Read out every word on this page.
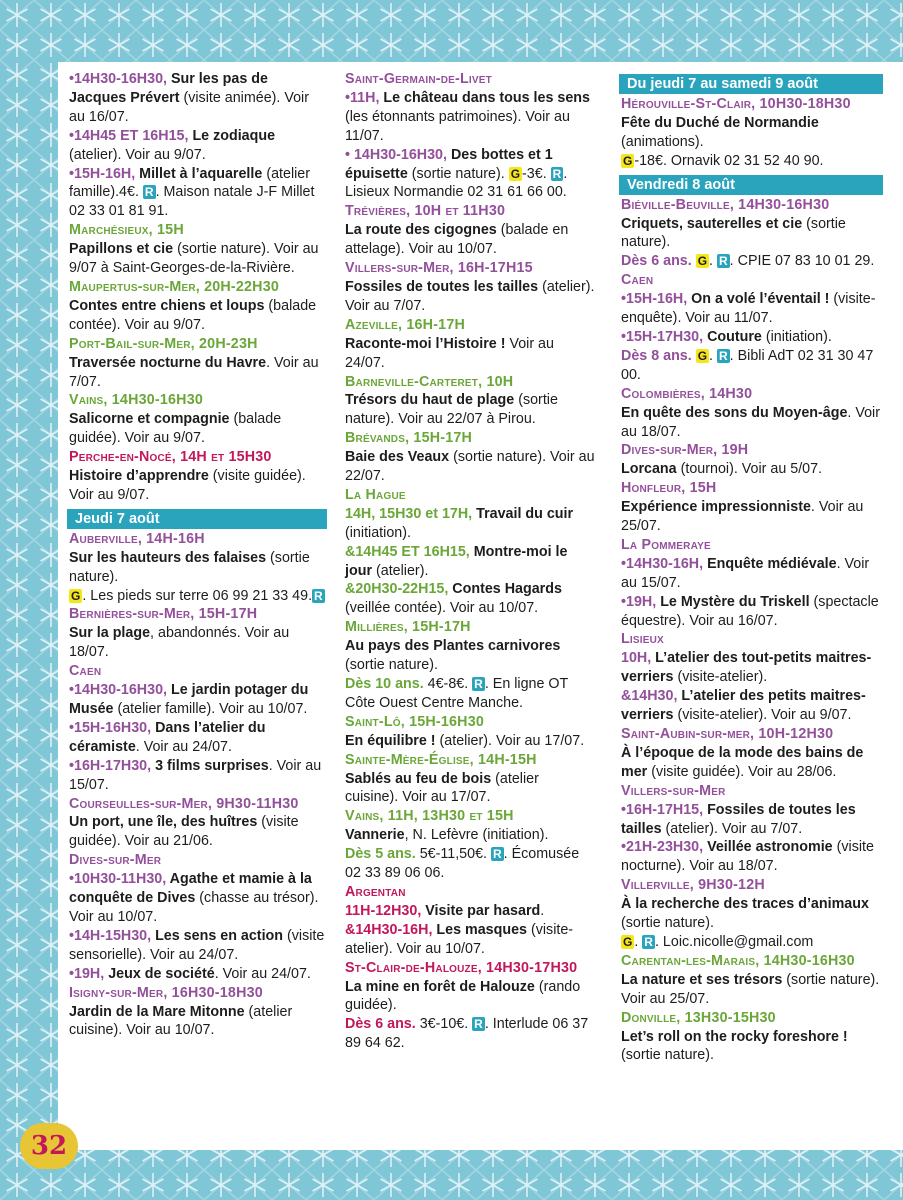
•14H30-16H30, Sur les pas de Jacques Prévert (visite animée). Voir au 16/07.

•14H45 ET 16H15, Le zodiaque (atelier). Voir au 9/07.

•15H-16H, Millet à l’aquarelle (atelier famille).4€. R . Maison natale J-F Millet 02 33 01 81 91.

Marchésieux, 15H

Papillons et cie (sortie nature). Voir au 9/07 à Saint-Georges-de-la-Rivière.

Maupertus-sur-Mer, 20H-22H30

Contes entre chiens et loups (balade contée). Voir au 9/07.

Port-Bail-sur-Mer, 20H-23H

Traversée nocturne du Havre. Voir au 7/07.

Vains, 14H30-16H30

Salicorne et compagnie (balade guidée). Voir au 9/07.

Perche-en-Nocé, 14H et 15H30

Histoire d’apprendre (visite guidée). Voir au 9/07.

Jeudi 7 août

Auberville, 14H-16H

Sur les hauteurs des falaises (sortie nature).

G . Les pieds sur terre 06 99 21 33 49. R

Bernières-sur-Mer, 15H-17H

Sur la plage, abandonnés. Voir au 18/07.

Caen

•14H30-16H30, Le jardin potager du Musée (atelier famille). Voir au 10/07.

•15H-16H30, Dans l’atelier du céramiste. Voir au 24/07.

•16H-17H30, 3 films surprises. Voir au 15/07.

Courseulles-sur-Mer, 9H30-11H30

Un port, une île, des huîtres (visite guidée). Voir au 21/06.

Dives-sur-Mer

•10H30-11H30, Agathe et mamie à la conquête de Dives (chasse au trésor). Voir au 10/07.

•14H-15H30, Les sens en action (visite sensorielle). Voir au 24/07.

•19H, Jeux de société. Voir au 24/07.

Isigny-sur-Mer, 16H30-18H30

Jardin de la Mare Mitonne (atelier cuisine). Voir au 10/07.

Saint-Germain-de-Livet

•11H, Le château dans tous les sens (les étonnants patrimoines). Voir au 11/07.

• 14H30-16H30, Des bottes et 1 épuisette (sortie nature). G -3€. R . Lisieux Normandie 02 31 61 66 00.

Trévières, 10H et 11H30

La route des cigognes (balade en attelage). Voir au 10/07.

Villers-sur-Mer, 16H-17H15

Fossiles de toutes les tailles (atelier). Voir au 7/07.

Azeville, 16H-17H

Raconte-moi l’Histoire ! Voir au 24/07.

Barneville-Carteret, 10H

Trésors du haut de plage (sortie nature). Voir au 22/07 à Pirou.

Brévands, 15H-17H

Baie des Veaux (sortie nature). Voir au 22/07.

La Hague

14H, 15H30 et 17H, Travail du cuir (initiation).

&14H45 ET 16H15, Montre-moi le jour (atelier).

&20H30-22H15, Contes Hagards (veillée contée). Voir au 10/07.

Millières, 15H-17H

Au pays des Plantes carnivores (sortie nature).

Dès 10 ans. 4€-8€. R . En ligne OT Côte Ouest Centre Manche.

Saint-Lô, 15H-16H30

En équilibre ! (atelier). Voir au 17/07.

Sainte-Mère-Église, 14H-15H

Sablés au feu de bois (atelier cuisine). Voir au 17/07.

Vains, 11H, 13H30 et 15H

Vannerie, N. Lefèvre (initiation).

Dès 5 ans. 5€-11,50€. R . Écomusée 02 33 89 06 06.

Argentan

11H-12H30, Visite par hasard.

&14H30-16H, Les masques (visite-atelier). Voir au 10/07.

St-Clair-de-Halouze, 14H30-17H30

La mine en forêt de Halouze (rando guidée).

Dès 6 ans. 3€-10€. R . Interlude 06 37 89 64 62.

Du jeudi 7 au samedi 9 août

Hérouville-St-Clair, 10H30-18H30

Fête du Duché de Normandie (animations).

G -18€. Ornavik 02 31 52 40 90.

Vendredi 8 août

Biéville-Beuville, 14H30-16H30

Criquets, sauterelles et cie (sortie nature).

Dès 6 ans. G . R . CPIE 07 83 10 01 29.

Caen

•15H-16H, On a volé l’éventail ! (visite-enquête). Voir au 11/07.

•15H-17H30, Couture (initiation).

Dès 8 ans. G . R . Bibli AdT 02 31 30 47 00.

Colombières, 14H30

En quête des sons du Moyen-âge. Voir au 18/07.

Dives-sur-Mer, 19H

Lorcana (tournoi). Voir au 5/07.

Honfleur, 15H

Expérience impressionniste. Voir au 25/07.

La Pommeraye

•14H30-16H, Enquête médiévale. Voir au 15/07.

•19H, Le Mystère du Triskell (spectacle équestre). Voir au 16/07.

Lisieux

10H, L’atelier des tout-petits maitres-verriers (visite-atelier).

&14H30, L’atelier des petits maitres-verriers (visite-atelier). Voir au 9/07.

Saint-Aubin-sur-mer, 10H-12H30

À l’époque de la mode des bains de mer (visite guidée). Voir au 28/06.

Villers-sur-Mer

•16H-17H15, Fossiles de toutes les tailles (atelier). Voir au 7/07.

•21H-23H30, Veillée astronomie (visite nocturne). Voir au 18/07.

Villerville, 9H30-12H

À la recherche des traces d’animaux (sortie nature).

G . R . Loic.nicolle@gmail.com

Carentan-les-Marais, 14H30-16H30

La nature et ses trésors (sortie nature). Voir au 25/07.

Donville, 13H30-15H30

Let’s roll on the rocky foreshore ! (sortie nature).

32
